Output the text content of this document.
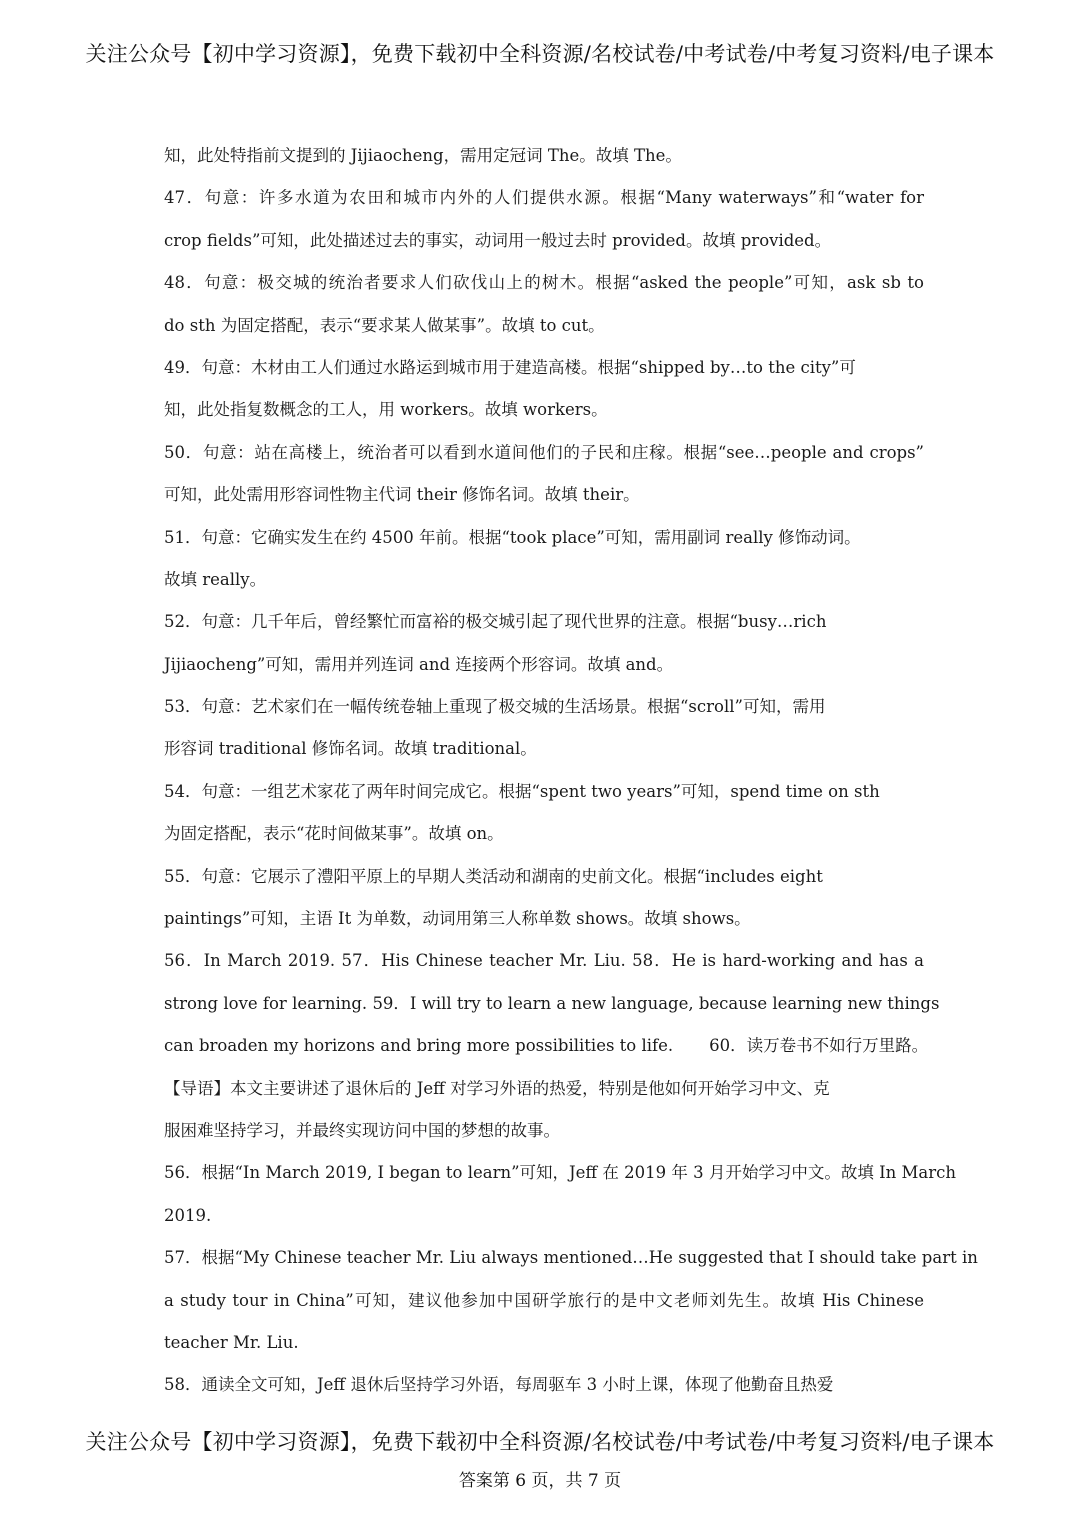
关注公众号【初中学习资源】，免费下载初中全科资源/名校试卷/中考试卷/中考复习资料/电子课本
知，此处特指前文提到的 Jijiaocheng，需用定冠词 The。故填 The。
47．句意：许多水道为农田和城市内外的人们提供水源。根据“Many waterways”和“water for
crop fields”可知，此处描述过去的事实，动词用一般过去时 provided。故填 provided。
48．句意：极交城的统治者要求人们砍伐山上的树木。根据“asked the people”可知，ask sb to
do sth 为固定搭配，表示“要求某人做某事”。故填 to cut。
49．句意：木材由工人们通过水路运到城市用于建造高楼。根据“shipped by…to the city”可
知，此处指复数概念的工人，用 workers。故填 workers。
50．句意：站在高楼上，统治者可以看到水道间他们的子民和庄稼。根据“see…people and crops”
可知，此处需用形容词性物主代词 their 修饰名词。故填 their。
51．句意：它确实发生在约 4500 年前。根据“took place”可知，需用副词 really 修饰动词。
故填 really。
52．句意：几千年后，曾经繁忙而富裕的极交城引起了现代世界的注意。根据“busy…rich
Jijiaocheng”可知，需用并列连词 and 连接两个形容词。故填 and。
53．句意：艺术家们在一幅传统卷轴上重现了极交城的生活场景。根据“scroll”可知，需用
形容词 traditional 修饰名词。故填 traditional。
54．句意：一组艺术家花了两年时间完成它。根据“spent two years”可知，spend time on sth
为固定搭配，表示“花时间做某事”。故填 on。
55．句意：它展示了澧阳平原上的早期人类活动和湖南的史前文化。根据“includes eight
paintings”可知，主语 It 为单数，动词用第三人称单数 shows。故填 shows。
56．In March 2019. 57．His Chinese teacher Mr. Liu. 58．He is hard-working and has a
strong love for learning. 59．I will try to learn a new language, because learning new things
can broaden my horizons and bring more possibilities to life. 60．读万卷书不如行万里路。
【导语】本文主要讲述了退休后的 Jeff 对学习外语的热爱，特别是他如何开始学习中文、克
服困难坚持学习，并最终实现访问中国的梦想的故事。
56．根据“In March 2019, I began to learn”可知，Jeff 在 2019 年 3 月开始学习中文。故填 In March
2019.
57．根据“My Chinese teacher Mr. Liu always mentioned…He suggested that I should take part in
a study tour in China”可知，建议他参加中国研学旅行的是中文老师刘先生。故填 His Chinese
teacher Mr. Liu.
58．通读全文可知，Jeff 退休后坚持学习外语，每周驱车 3 小时上课，体现了他勤奋且热爱
关注公众号【初中学习资源】，免费下载初中全科资源/名校试卷/中考试卷/中考复习资料/电子课本
答案第 6 页，共 7 页
